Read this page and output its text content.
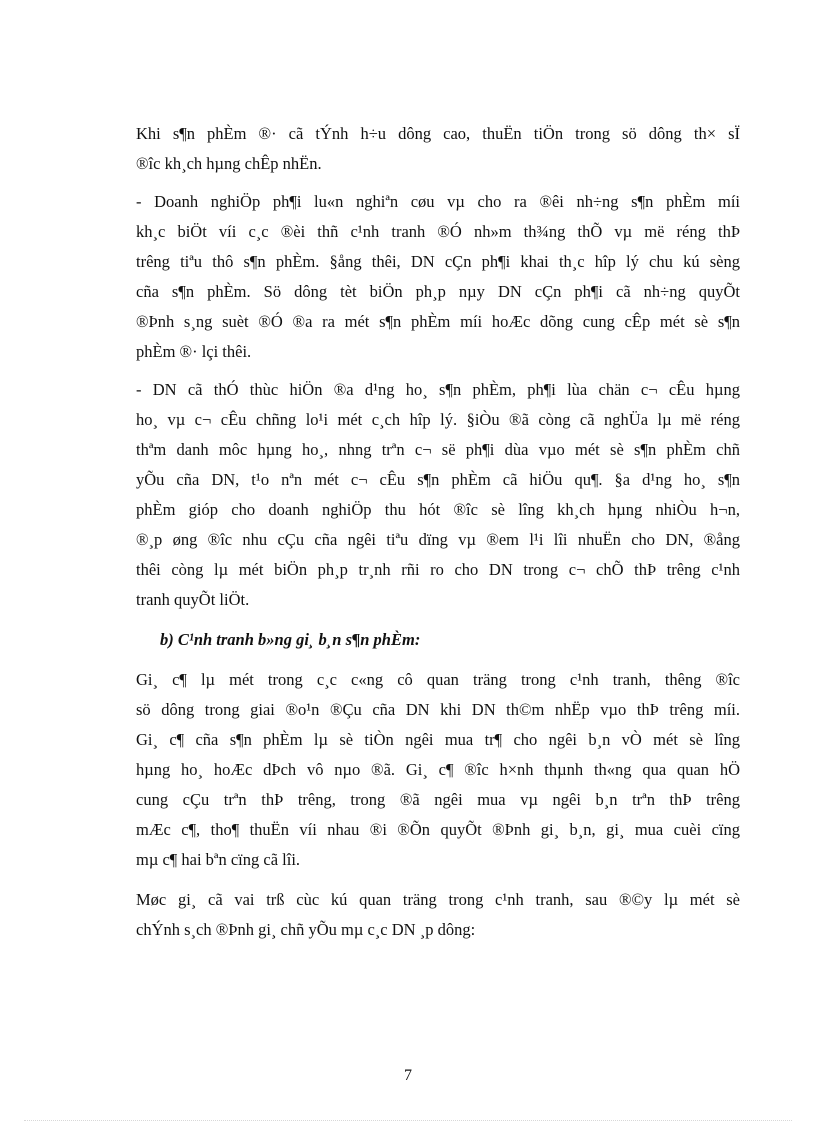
Khi s¶n phÈm ®· cã tÝnh h÷u dông cao, thuËn tiÖn trong sö dông th× sÏ
®îc kh¸ch hµng chÊp nhËn.
- Doanh nghiÖp ph¶i lu«n nghiªn cøu vµ cho ra ®êi nh÷ng s¶n phÈm míi
kh¸c biÖt víi c¸c ®èi thñ c¹nh tranh ®Ó nh»m th¾ng thÕ vµ më réng thÞ
trêng tiªu thô s¶n phÈm. §ång thêi, DN cÇn ph¶i khai th¸c hîp lý chu kú sèng
cña s¶n phÈm. Sö dông tèt biÖn ph¸p nµy DN cÇn ph¶i cã nh÷ng quyÕt
®Þnh s¸ng suèt ®Ó ®a ra mét s¶n phÈm míi hoÆc dõng cung cÊp mét sè s¶n
phÈm ®· lçi thêi.
- DN cã thÓ thùc hiÖn ®a d¹ng ho¸ s¶n phÈm, ph¶i lùa chän c¬ cÊu hµng
ho¸ vµ c¬ cÊu chñng lo¹i mét c¸ch hîp lý. §iÒu ®ã còng cã nghÜa lµ më réng
thªm danh môc hµng ho¸, nhng trªn c¬ së ph¶i dùa vµo mét sè s¶n phÈm chñ
yÕu cña DN, t¹o nªn mét c¬ cÊu s¶n phÈm cã hiÖu qu¶. §a d¹ng ho¸ s¶n
phÈm gióp cho doanh nghiÖp thu hót ®îc sè lîng kh¸ch hµng nhiÒu h¬n,
®¸p øng ®îc nhu cÇu cña ngêi tiªu dïng vµ ®em l¹i lîi nhuËn cho DN, ®ång
thêi còng lµ mét biÖn ph¸p tr¸nh rñi ro cho DN trong c¬ chÕ thÞ trêng c¹nh
tranh quyÕt liÖt.
b) C¹nh tranh b»ng gi¸ b¸n s¶n phÈm:
Gi¸ c¶ lµ mét trong c¸c c«ng cô quan träng trong c¹nh tranh, thêng ®îc
sö dông trong giai ®o¹n ®Çu cña DN khi DN th©m nhËp vµo thÞ trêng míi.
Gi¸ c¶ cña s¶n phÈm lµ sè tiÒn ngêi mua tr¶ cho ngêi b¸n vÒ mét sè lîng
hµng ho¸ hoÆc dÞch vô nµo ®ã. Gi¸ c¶ ®îc h×nh thµnh th«ng qua quan hÖ
cung cÇu trªn thÞ trêng, trong ®ã ngêi mua vµ ngêi b¸n trªn thÞ trêng
mÆc c¶, tho¶ thuËn víi nhau ®i ®Õn quyÕt ®Þnh gi¸ b¸n, gi¸ mua cuèi cïng
mµ c¶ hai bªn cïng cã lîi.
Møc gi¸ cã vai trß cùc kú quan träng trong c¹nh tranh, sau ®©y lµ mét sè
chÝnh s¸ch ®Þnh gi¸ chñ yÕu mµ c¸c DN ¸p dông:
7
